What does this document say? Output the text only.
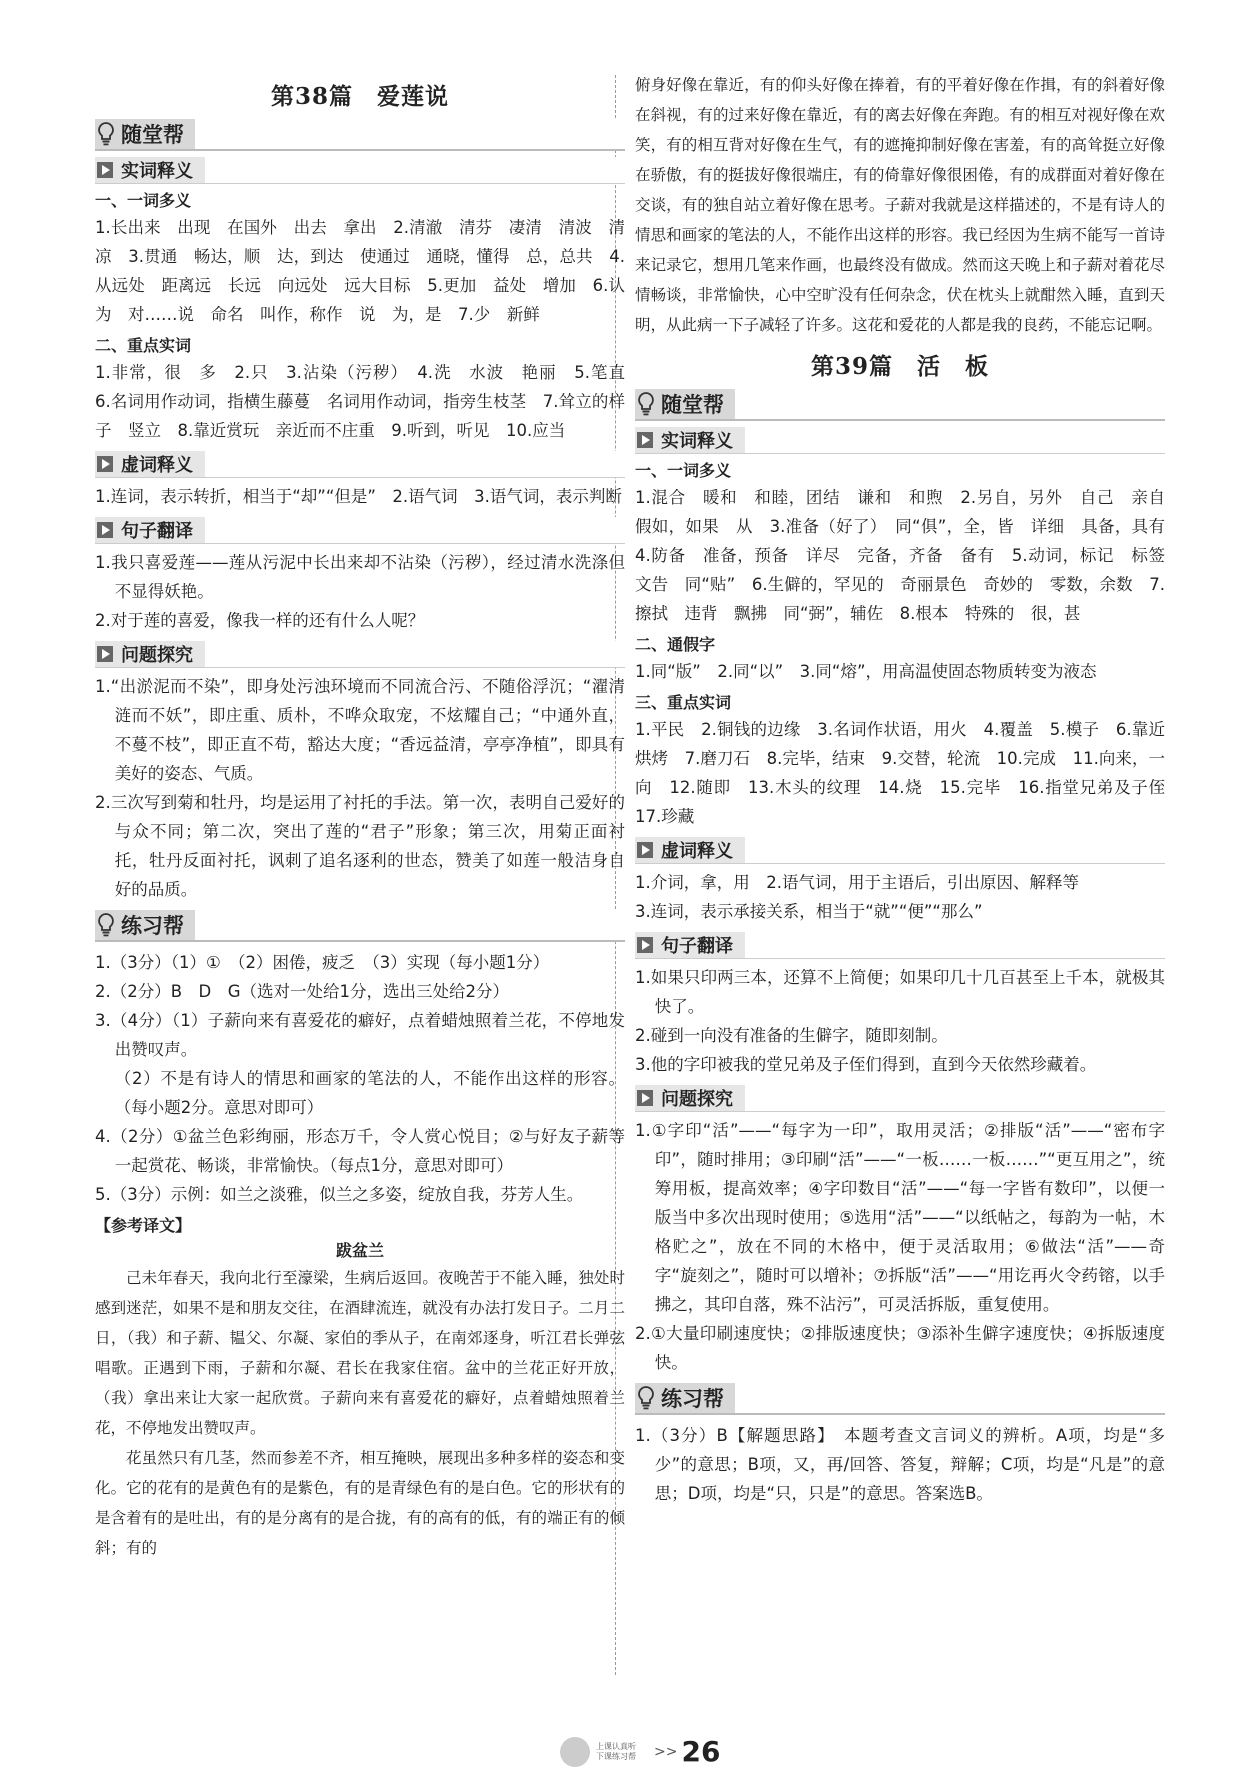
第38篇　爱莲说
随堂帮
实词释义
一、一词多义

1.长出来　出现　在国外　出去　拿出　2.清澈　清芬　凄清　清波　清凉　3.贯通　畅达，顺　达，到达　使通过　通晓，懂得　总，总共　4.从远处　距离远　长远　向远处　远大目标　5.更加　益处　增加　6.认为　对……说　命名　叫作，称作　说　为，是　7.少　新鲜

二、重点实词

1.非常，很　多　2.只　3.沾染（污秽）　4.洗　水波　艳丽　5.笔直　6.名词用作动词，指横生藤蔓　名词用作动词，指旁生枝茎　7.耸立的样子　竖立　8.靠近赏玩　亲近而不庄重　9.听到，听见　10.应当

虚词释义

1.连词，表示转折，相当于“却”“但是”　2.语气词　3.语气词，表示判断

句子翻译

1.我只喜爱莲——莲从污泥中长出来却不沾染（污秽），经过清水洗涤但不显得妖艳。

2.对于莲的喜爱，像我一样的还有什么人呢？

问题探究

1.“出淤泥而不染”，即身处污浊环境而不同流合污、不随俗浮沉；“濯清涟而不妖”，即庄重、质朴，不哗众取宠，不炫耀自己；“中通外直，不蔓不枝”，即正直不苟，豁达大度；“香远益清，亭亭净植”，即具有美好的姿态、气质。

2.三次写到菊和牡丹，均是运用了衬托的手法。第一次，表明自己爱好的与众不同；第二次，突出了莲的“君子”形象；第三次，用菊正面衬托，牡丹反面衬托，讽刺了追名逐利的世态，赞美了如莲一般洁身自好的品质。

练习帮

1.（3分）（1）①　（2）困倦，疲乏　（3）实现（每小题1分）

2.（2分）B　D　G（选对一处给1分，选出三处给2分）

3.（4分）（1）子薪向来有喜爱花的癖好，点着蜡烛照着兰花，不停地发出赞叹声。

（2）不是有诗人的情思和画家的笔法的人，不能作出这样的形容。（每小题2分。意思对即可）

4.（2分）①盆兰色彩绚丽，形态万千，令人赏心悦目；②与好友子薪等一起赏花、畅谈，非常愉快。（每点1分，意思对即可）

5.（3分）示例：如兰之淡雅，似兰之多姿，绽放自我，芬芳人生。

【参考译文】
跋盆兰

己未年春天，我向北行至濠梁，生病后返回。夜晚苦于不能入睡，独处时感到迷茫，如果不是和朋友交往，在酒肆流连，就没有办法打发日子。二月二日，（我）和子薪、韫父、尔凝、家伯的季从子，在南郊逐身，听江君长弹弦唱歌。正遇到下雨，子薪和尔凝、君长在我家住宿。盆中的兰花正好开放，（我）拿出来让大家一起欣赏。子薪向来有喜爱花的癖好，点着蜡烛照着兰花，不停地发出赞叹声。

花虽然只有几茎，然而参差不齐，相互掩映，展现出多种多样的姿态和变化。它的花有的是黄色有的是紫色，有的是青绿色有的是白色。它的形状有的是含着有的是吐出，有的是分离有的是合拢，有的高有的低，有的端正有的倾斜；有的

俯身好像在靠近，有的仰头好像在捧着，有的平着好像在作揖，有的斜着好像在斜视，有的过来好像在靠近，有的离去好像在奔跑。有的相互对视好像在欢笑，有的相互背对好像在生气，有的遮掩抑制好像在害羞，有的高耸挺立好像在骄傲，有的挺拔好像很端庄，有的倚靠好像很困倦，有的成群面对着好像在交谈，有的独自站立着好像在思考。子薪对我就是这样描述的，不是有诗人的情思和画家的笔法的人，不能作出这样的形容。我已经因为生病不能写一首诗来记录它，想用几笔来作画，也最终没有做成。然而这天晚上和子薪对着花尽情畅谈，非常愉快，心中空旷没有任何杂念，伏在枕头上就酣然入睡，直到天明，从此病一下子减轻了许多。这花和爱花的人都是我的良药，不能忘记啊。

第39篇　活　板
随堂帮
实词释义
一、一词多义

1.混合　暖和　和睦，团结　谦和　和煦　2.另自，另外　自己　亲自　假如，如果　从　3.准备（好了）　同“俱”，全，皆　详细　具备，具有　4.防备　准备，预备　详尽　完备，齐备　备有　5.动词，标记　标签　文告　同“贴”　6.生僻的，罕见的　奇丽景色　奇妙的　零数，余数　7.擦拭　违背　飘拂　同“弼”，辅佐　8.根本　特殊的　很，甚

二、通假字

1.同“版”　2.同“以”　3.同“熔”，用高温使固态物质转变为液态

三、重点实词

1.平民　2.铜钱的边缘　3.名词作状语，用火　4.覆盖　5.模子　6.靠近　烘烤　7.磨刀石　8.完毕，结束　9.交替，轮流　10.完成　11.向来，一向　12.随即　13.木头的纹理　14.烧　15.完毕　16.指堂兄弟及子侄　17.珍藏

虚词释义

1.介词，拿，用　2.语气词，用于主语后，引出原因、解释等

3.连词，表示承接关系，相当于“就”“便”“那么”

句子翻译

1.如果只印两三本，还算不上简便；如果印几十几百甚至上千本，就极其快了。

2.碰到一向没有准备的生僻字，随即刻制。

3.他的字印被我的堂兄弟及子侄们得到，直到今天依然珍藏着。

问题探究

1.①字印“活”——“每字为一印”，取用灵活；②排版“活”——“密布字印”，随时排用；③印刷“活”——“一板……一板……”“更互用之”，统筹用板，提高效率；④字印数目“活”——“每一字皆有数印”，以便一版当中多次出现时使用；⑤选用“活”——“以纸帖之，每韵为一帖，木格贮之”，放在不同的木格中，便于灵活取用；⑥做法“活”——奇字“旋刻之”，随时可以增补；⑦拆版“活”——“用讫再火令药镕，以手拂之，其印自落，殊不沾污”，可灵活拆版，重复使用。

2.①大量印刷速度快；②排版速度快；③添补生僻字速度快；④拆版速度快。

练习帮

1.（3分）B【解题思路】　本题考查文言词义的辨析。A项，均是“多少”的意思；B项，又，再/回答、答复，辩解；C项，均是“凡是”的意思；D项，均是“只，只是”的意思。答案选B。

上课认真听　下课练习帮	>> 26
